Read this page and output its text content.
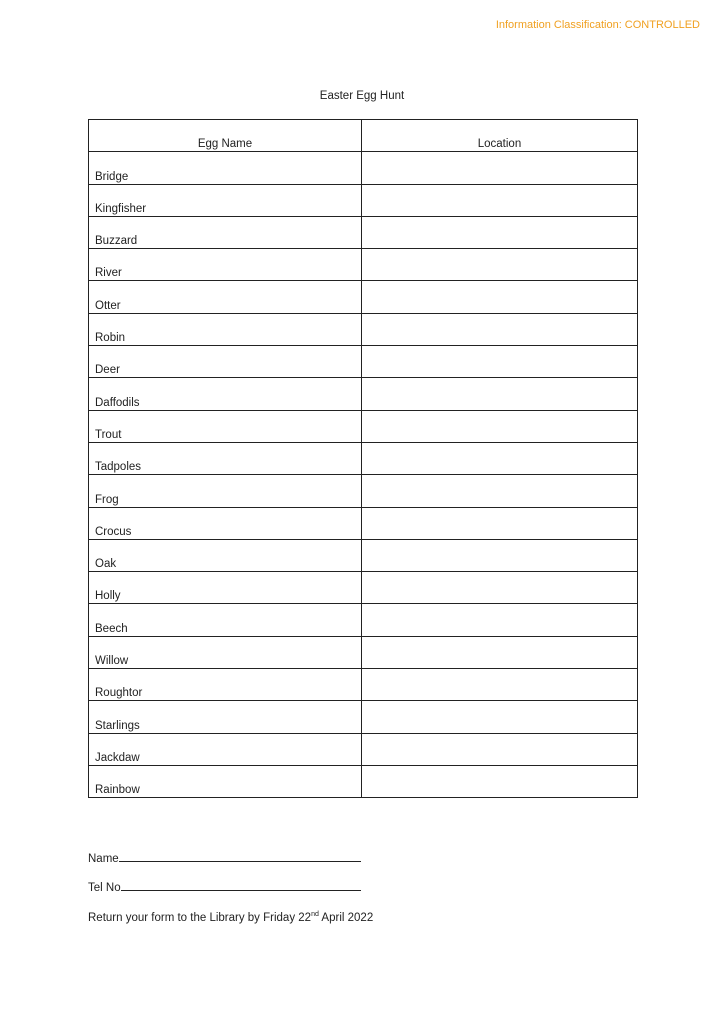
Information Classification: CONTROLLED
Easter Egg Hunt
Egg Name	Location
Bridge	
Kingfisher	
Buzzard	
River	
Otter	
Robin	
Deer	
Daffodils	
Trout	
Tadpoles	
Frog	
Crocus	
Oak	
Holly	
Beech	
Willow	
Roughtor	
Starlings	
Jackdaw	
Rainbow	
Name
Tel No
Return your form to the Library by Friday 22nd April 2022
